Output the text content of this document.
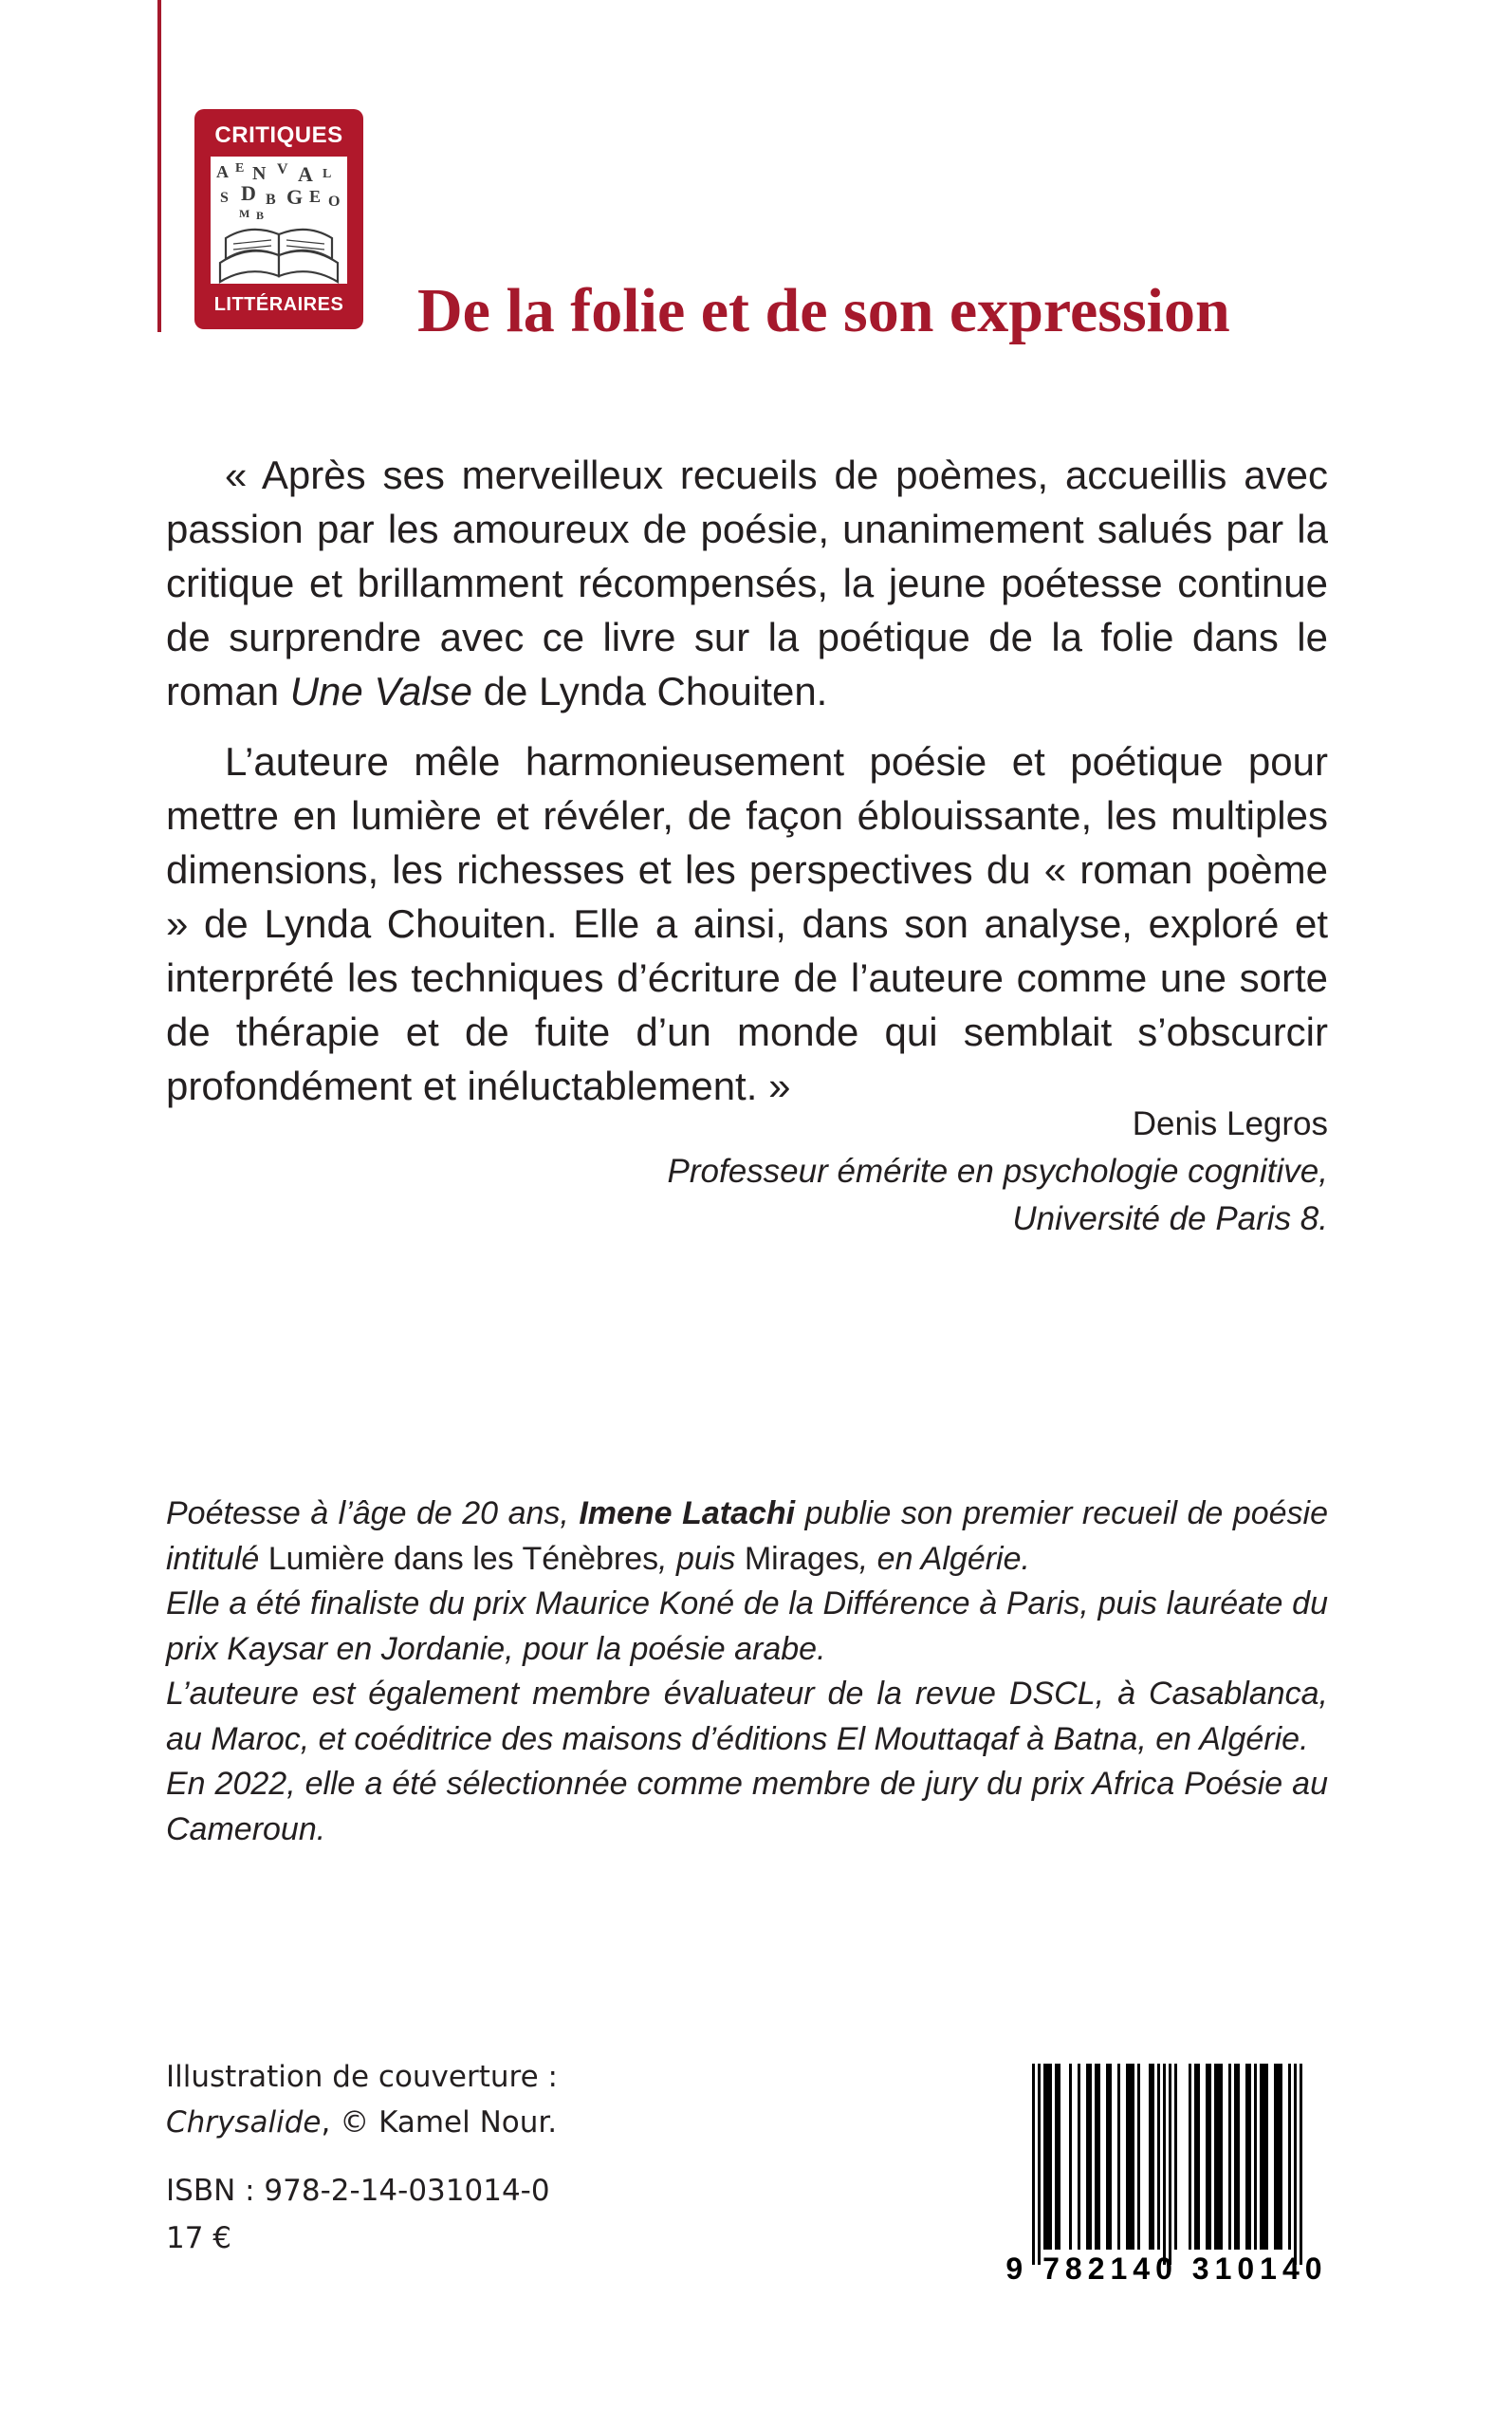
CRITIQUES
A E N V A L
S D B G E O
M B
LITTÉRAIRES	De la folie et de son expression

« Après ses merveilleux recueils de poèmes, accueillis avec passion par les amoureux de poésie, unanimement salués par la critique et brillamment récompensés, la jeune poétesse continue de surprendre avec ce livre sur la poétique de la folie dans le roman Une Valse de Lynda Chouiten.

L’auteure mêle harmonieusement poésie et poétique pour mettre en lumière et révéler, de façon éblouissante, les multiples dimensions, les richesses et les perspectives du « roman poème » de Lynda Chouiten. Elle a ainsi, dans son analyse, exploré et interprété les techniques d’écriture de l’auteure comme une sorte de thérapie et de fuite d’un monde qui semblait s’obscurcir profondément et inéluctablement. »

Denis Legros
Professeur émérite en psychologie cognitive,
Université de Paris 8.

Poétesse à l’âge de 20 ans, Imene Latachi publie son premier recueil de poésie intitulé Lumière dans les Ténèbres, puis Mirages, en Algérie.

Elle a été finaliste du prix Maurice Koné de la Différence à Paris, puis lauréate du prix Kaysar en Jordanie, pour la poésie arabe.

L’auteure est également membre évaluateur de la revue DSCL, à Casablanca, au Maroc, et coéditrice des maisons d’éditions El Mouttaqaf à Batna, en Algérie.

En 2022, elle a été sélectionnée comme membre de jury du prix Africa Poésie au Cameroun.

Illustration de couverture :
Chrysalide, © Kamel Nour.
ISBN : 978-2-14-031014-0
17 €
9 782140 310140
